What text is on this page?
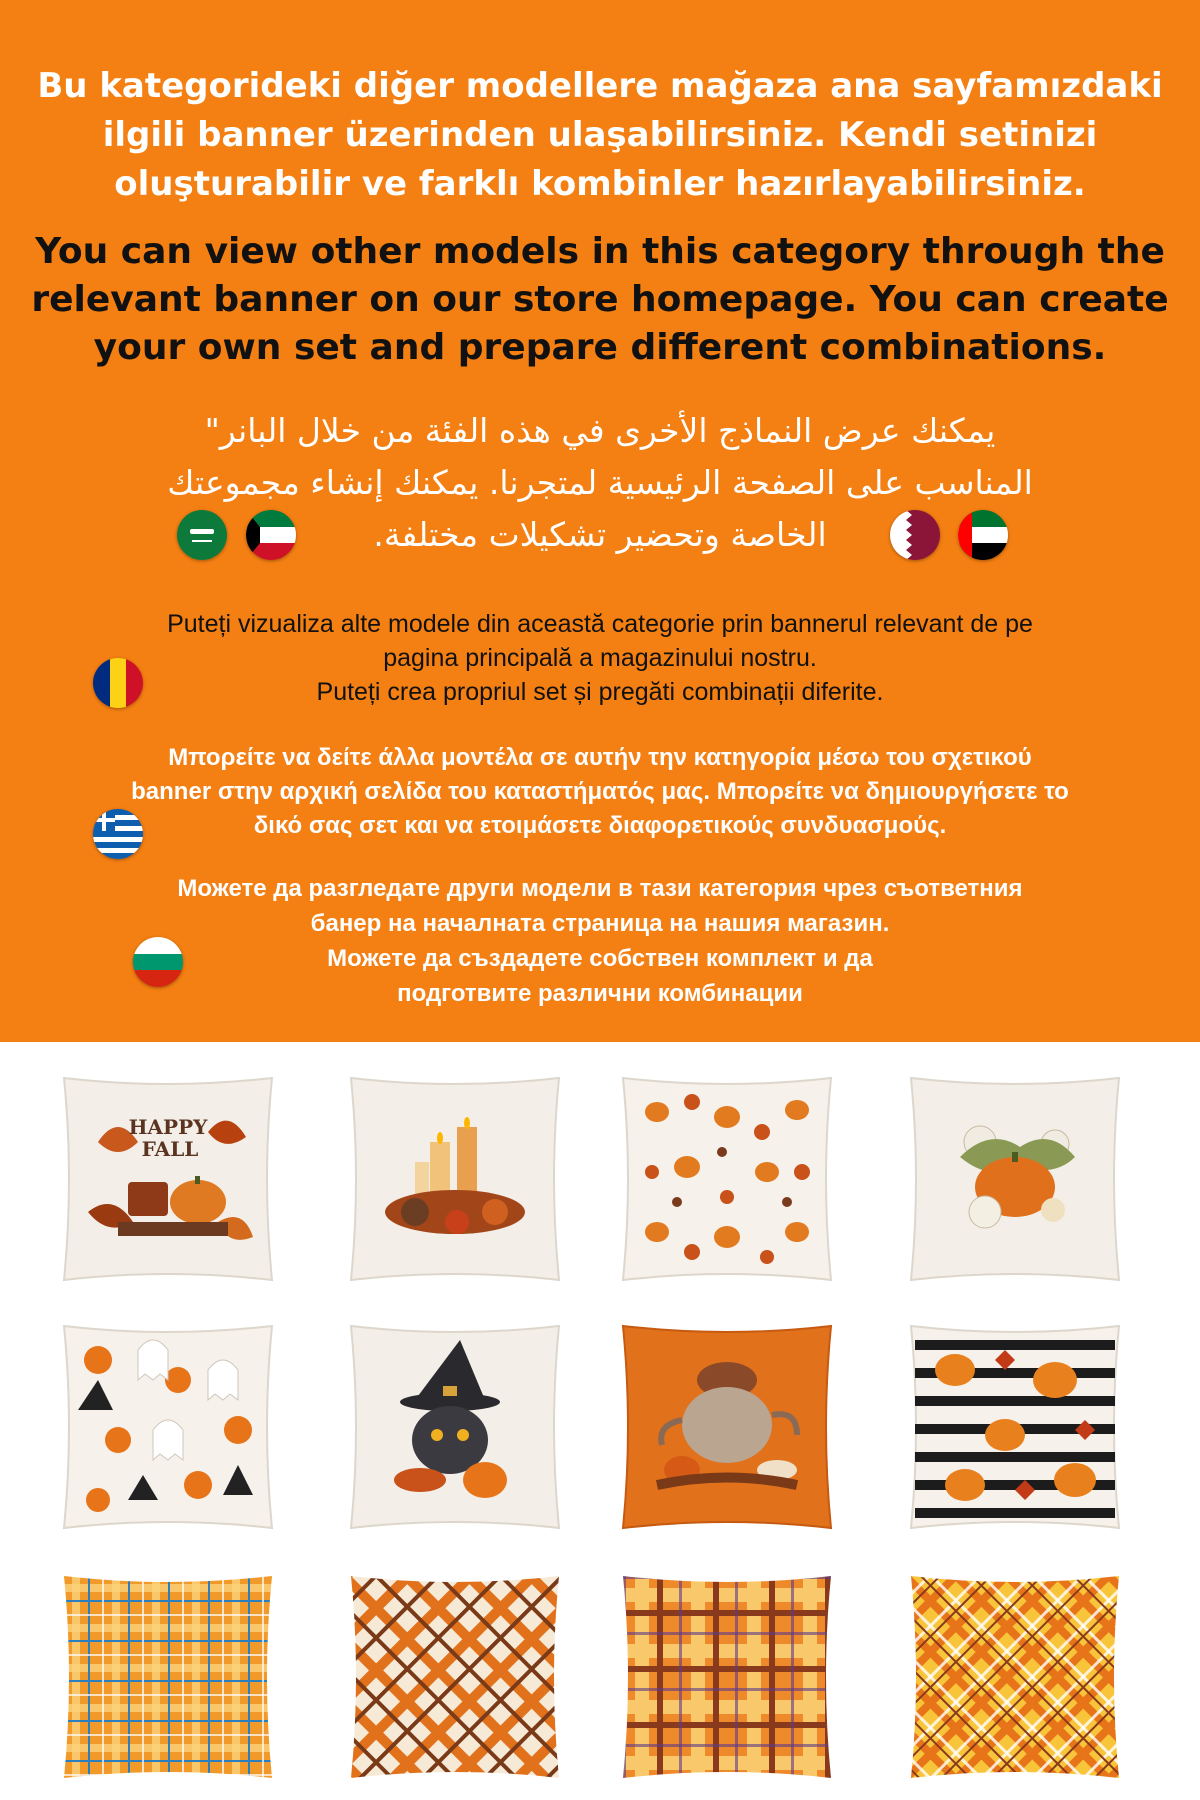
Bu kategorideki diğer modellere mağaza ana sayfamızdaki
ilgili banner üzerinden ulaşabilirsiniz. Kendi setinizi
oluşturabilir ve farklı kombinler hazırlayabilirsiniz.
You can view other models in this category through the
relevant banner on our store homepage. You can create
your own set and prepare different combinations.
يمكنك عرض النماذج الأخرى في هذه الفئة من خلال البانر"
المناسب على الصفحة الرئيسية لمتجرنا. يمكنك إنشاء مجموعتك
الخاصة وتحضير تشكيلات مختلفة.
Puteți vizualiza alte modele din această categorie prin bannerul relevant de pe
pagina principală a magazinului nostru.
Puteți crea propriul set și pregăti combinații diferite.
Μπορείτε να δείτε άλλα μοντέλα σε αυτήν την κατηγορία μέσω του σχετικού
banner στην αρχική σελίδα του καταστήματός μας. Μπορείτε να δημιουργήσετε το
δικό σας σετ και να ετοιμάσετε διαφορετικούς συνδυασμούς.
Можете да разгледате други модели в тази категория чрез съответния
банер на началната страница на нашия магазин.
Можете да създадете собствен комплект и да
подготвите различни комбинации
HAPPY
FALL
